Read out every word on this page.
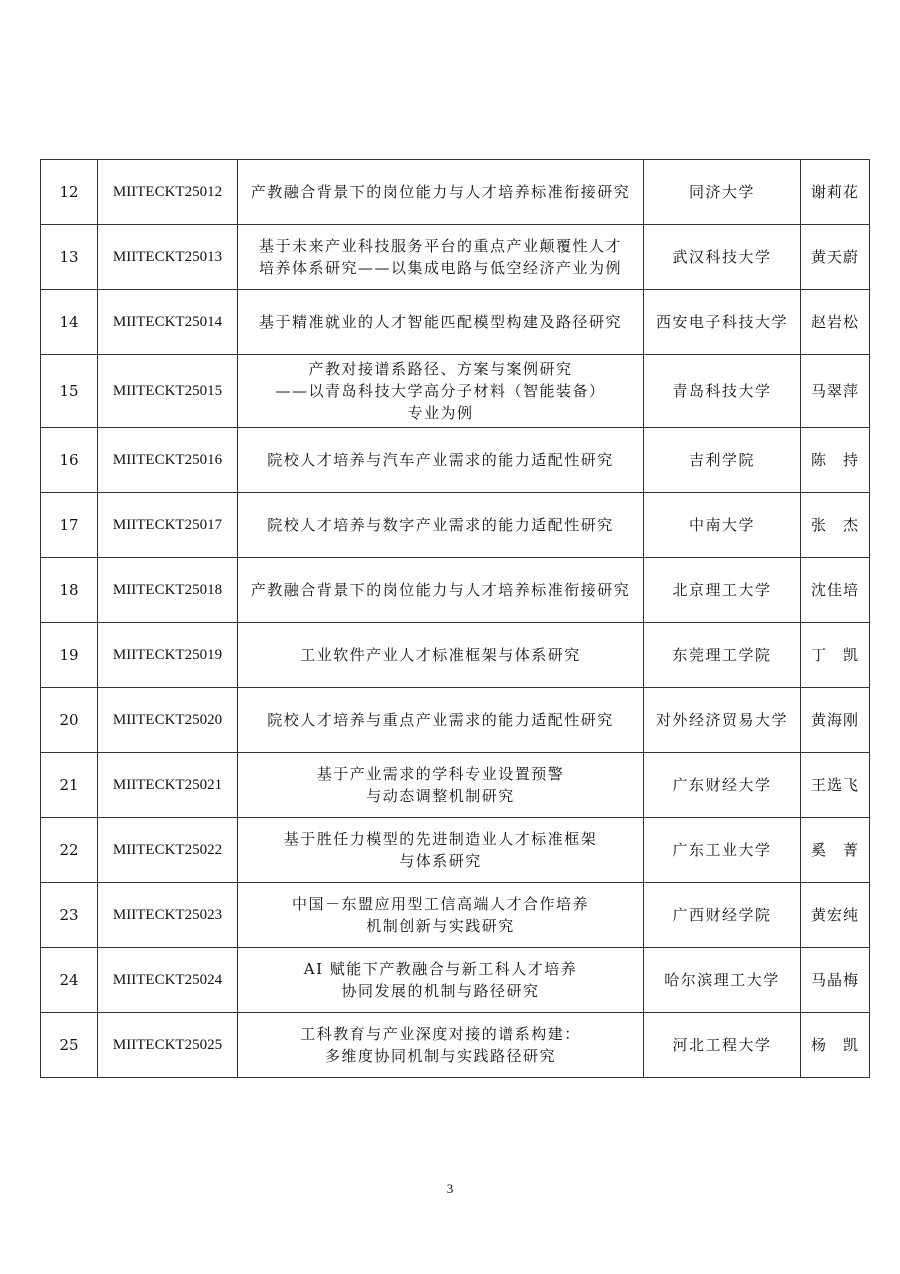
12	MIITECKT25012	产教融合背景下的岗位能力与人才培养标准衔接研究	同济大学	谢莉花

13	MIITECKT25013	基于未来产业科技服务平台的重点产业颠覆性人才
培养体系研究——以集成电路与低空经济产业为例	武汉科技大学	黄天蔚

14	MIITECKT25014	基于精准就业的人才智能匹配模型构建及路径研究	西安电子科技大学	赵岩松

15	MIITECKT25015	产教对接谱系路径、方案与案例研究
——以青岛科技大学高分子材料（智能装备）
专业为例	青岛科技大学	马翠萍

16	MIITECKT25016	院校人才培养与汽车产业需求的能力适配性研究	吉利学院	陈　持

17	MIITECKT25017	院校人才培养与数字产业需求的能力适配性研究	中南大学	张　杰

18	MIITECKT25018	产教融合背景下的岗位能力与人才培养标准衔接研究	北京理工大学	沈佳培

19	MIITECKT25019	工业软件产业人才标准框架与体系研究	东莞理工学院	丁　凯

20	MIITECKT25020	院校人才培养与重点产业需求的能力适配性研究	对外经济贸易大学	黄海刚

21	MIITECKT25021	基于产业需求的学科专业设置预警
与动态调整机制研究	广东财经大学	王选飞

22	MIITECKT25022	基于胜任力模型的先进制造业人才标准框架
与体系研究	广东工业大学	奚　菁

23	MIITECKT25023	中国－东盟应用型工信高端人才合作培养
机制创新与实践研究	广西财经学院	黄宏纯

24	MIITECKT25024	AI 赋能下产教融合与新工科人才培养
协同发展的机制与路径研究	哈尔滨理工大学	马晶梅

25	MIITECKT25025	工科教育与产业深度对接的谱系构建：
多维度协同机制与实践路径研究	河北工程大学	杨　凯
3
